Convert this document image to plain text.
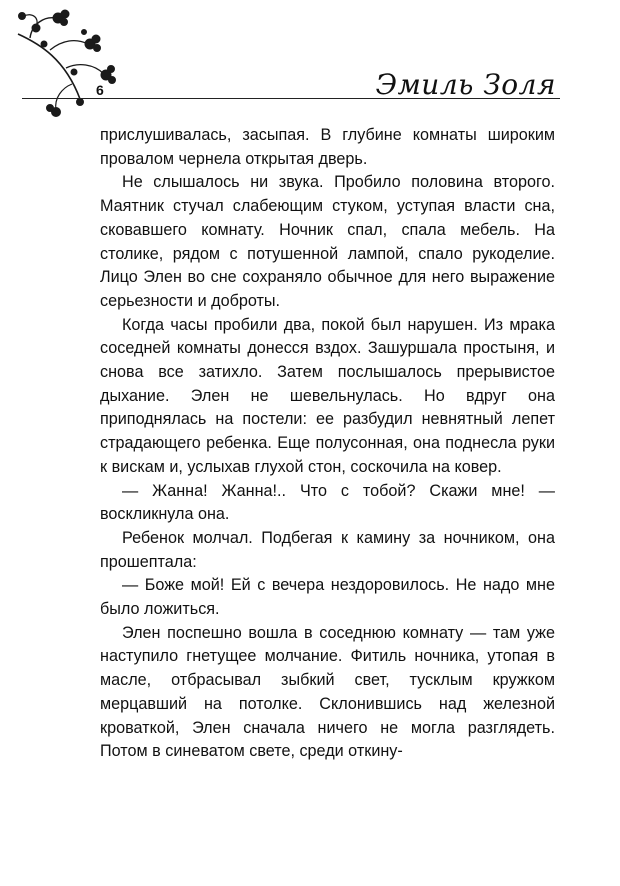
6	Эмиль Золя

прислушивалась, засыпая. В глубине комнаты широким провалом чернела открытая дверь.

Не слышалось ни звука. Пробило половина второго. Маятник стучал слабеющим стуком, уступая власти сна, сковавшего комнату. Ночник спал, спала мебель. На столике, рядом с потушенной лампой, спало рукоделие. Лицо Элен во сне сохраняло обычное для него выражение серьезности и доброты.

Когда часы пробили два, покой был нарушен. Из мрака соседней комнаты донесся вздох. Зашуршала простыня, и снова все затихло. Затем послышалось прерывистое дыхание. Элен не шевельнулась. Но вдруг она приподнялась на постели: ее разбудил невнятный лепет страдающего ребенка. Еще полусонная, она поднесла руки к вискам и, услыхав глухой стон, соскочила на ковер.

— Жанна! Жанна!.. Что с тобой? Скажи мне! — воскликнула она.

Ребенок молчал. Подбегая к камину за ночником, она прошептала:

— Боже мой! Ей с вечера нездоровилось. Не надо мне было ложиться.

Элен поспешно вошла в соседнюю комнату — там уже наступило гнетущее молчание. Фитиль ночника, утопая в масле, отбрасывал зыбкий свет, тусклым кружком мерцавший на потолке. Склонившись над железной кроваткой, Элен сначала ничего не могла разглядеть. Потом в синеватом свете, среди откину-
